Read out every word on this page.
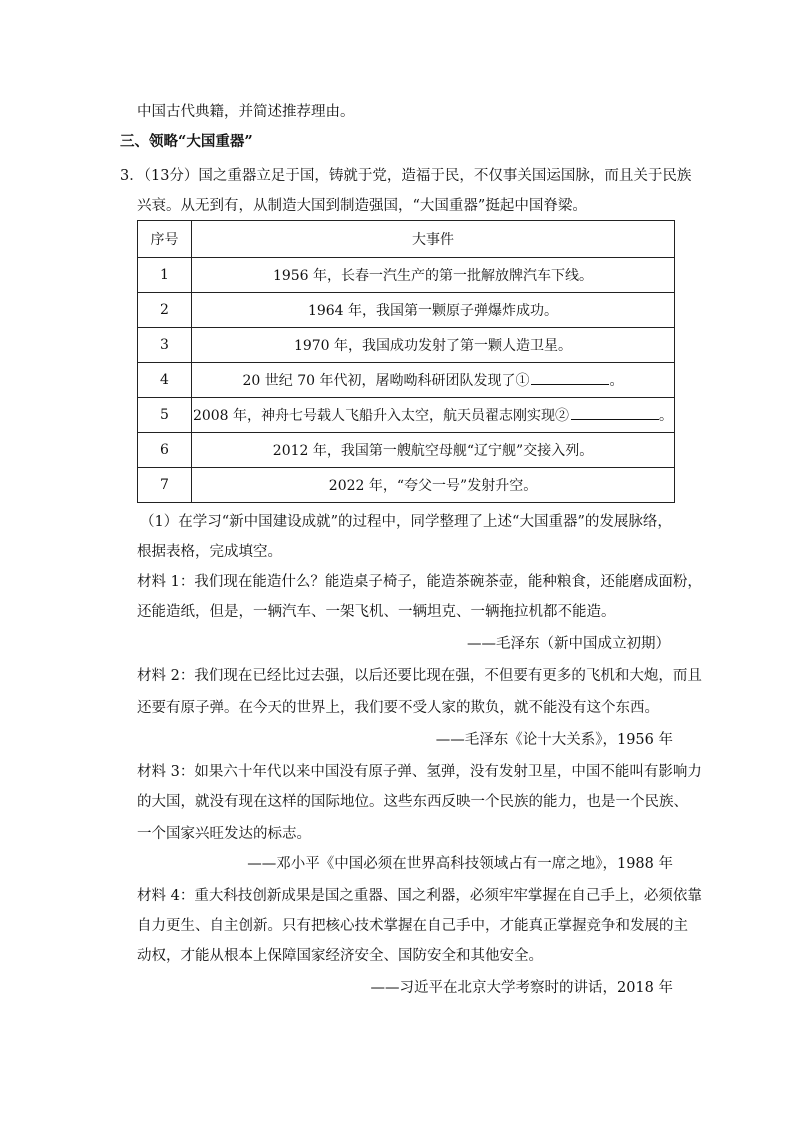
中国古代典籍，并简述推荐理由。
三、领略“大国重器”
3．（13分）国之重器立足于国，铸就于党，造福于民，不仅事关国运国脉，而且关于民族
兴衰。从无到有，从制造大国到制造强国，“大国重器”挺起中国脊梁。
序号	大事件
1	1956 年，长春一汽生产的第一批解放牌汽车下线。
2	1964 年，我国第一颗原子弹爆炸成功。
3	1970 年，我国成功发射了第一颗人造卫星。
4	20 世纪 70 年代初，屠呦呦科研团队发现了① 。
5	2008 年，神舟七号载人飞船升入太空，航天员翟志刚实现② 。
6	2012 年，我国第一艘航空母舰“辽宁舰”交接入列。
7	2022 年，“夸父一号”发射升空。
（1）在学习“新中国建设成就”的过程中，同学整理了上述“大国重器”的发展脉络，
根据表格，完成填空。
材料 1：我们现在能造什么？能造桌子椅子，能造茶碗茶壶，能种粮食，还能磨成面粉，
还能造纸，但是，一辆汽车、一架飞机、一辆坦克、一辆拖拉机都不能造。
——毛泽东（新中国成立初期）
材料 2：我们现在已经比过去强，以后还要比现在强，不但要有更多的飞机和大炮，而且
还要有原子弹。在今天的世界上，我们要不受人家的欺负，就不能没有这个东西。
——毛泽东《论十大关系》，1956 年
材料 3：如果六十年代以来中国没有原子弹、氢弹，没有发射卫星，中国不能叫有影响力
的大国，就没有现在这样的国际地位。这些东西反映一个民族的能力，也是一个民族、
一个国家兴旺发达的标志。
——邓小平《中国必须在世界高科技领域占有一席之地》，1988 年
材料 4：重大科技创新成果是国之重器、国之利器，必须牢牢掌握在自己手上，必须依靠
自力更生、自主创新。只有把核心技术掌握在自己手中，才能真正掌握竞争和发展的主
动权，才能从根本上保障国家经济安全、国防安全和其他安全。
——习近平在北京大学考察时的讲话，2018 年
